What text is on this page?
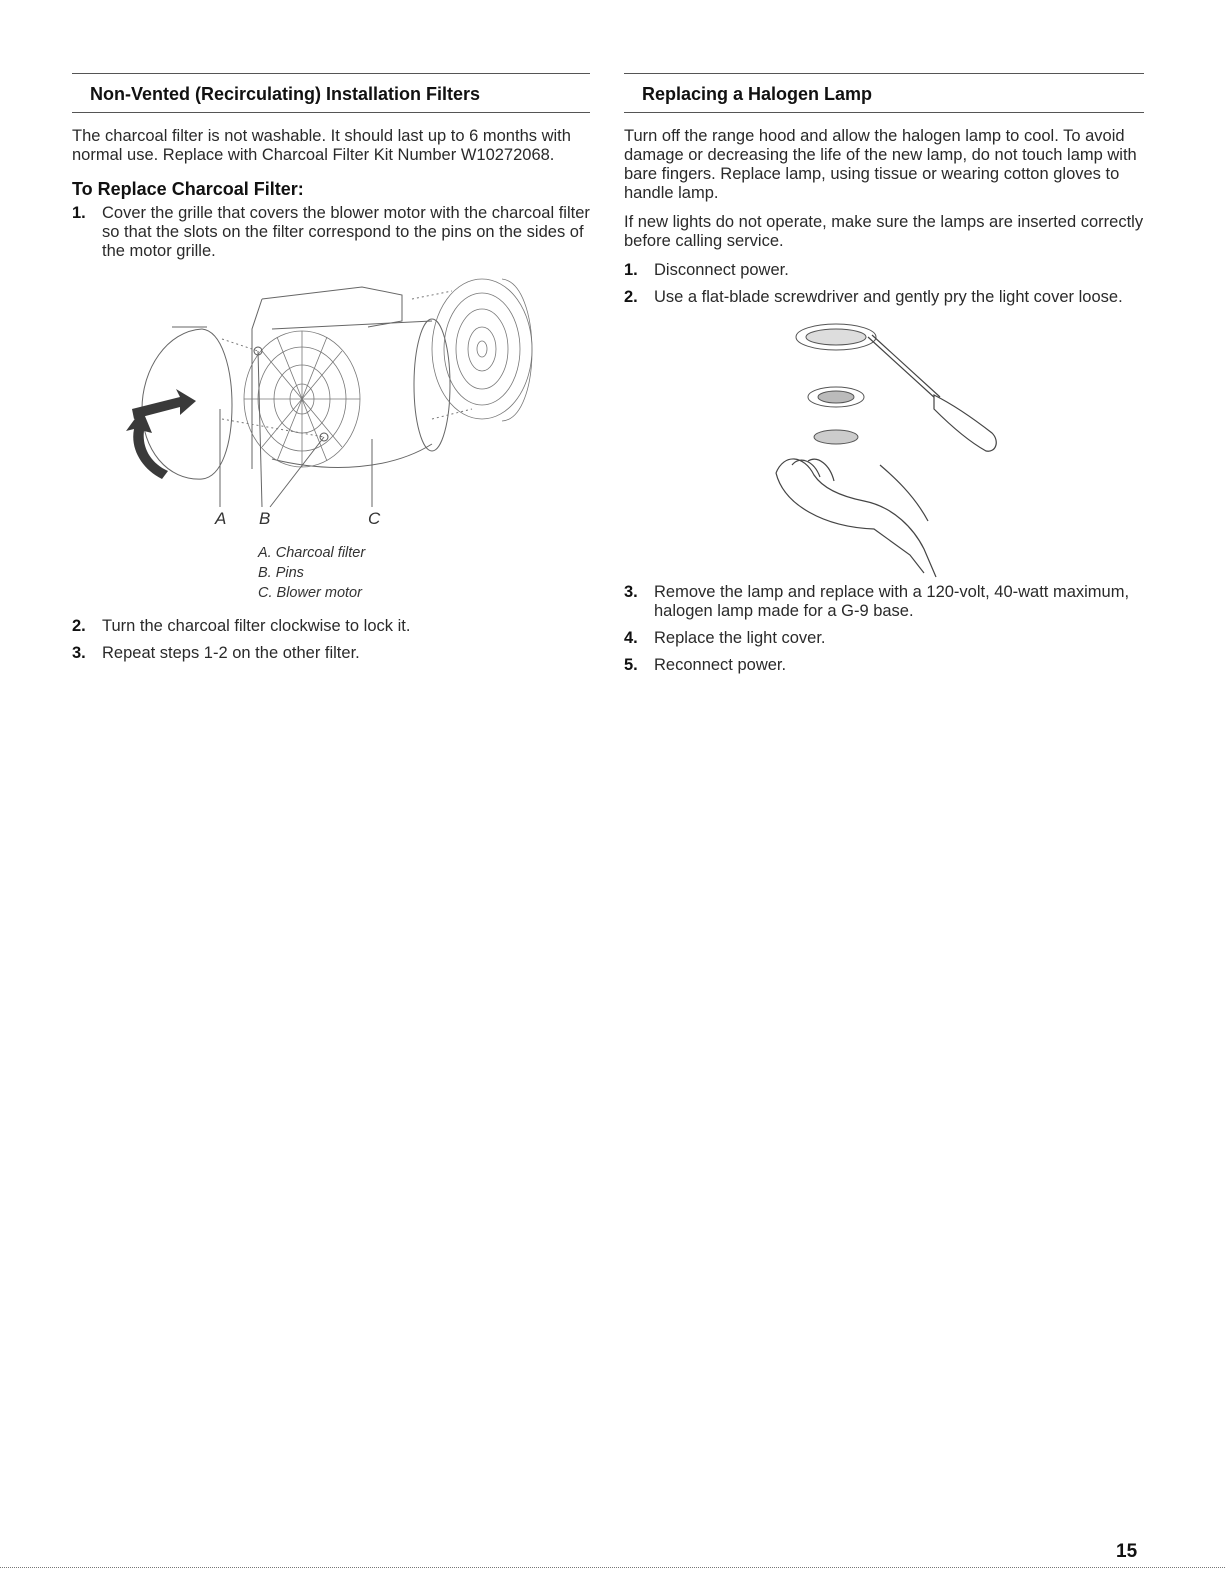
Non-Vented (Recirculating) Installation Filters

The charcoal filter is not washable. It should last up to 6 months with normal use. Replace with Charcoal Filter Kit Number W10272068.

To Replace Charcoal Filter:
1. Cover the grille that covers the blower motor with the charcoal filter so that the slots on the filter correspond to the pins on the sides of the motor grille.
A B	C
A. Charcoal filter
B. Pins
C. Blower motor
2. Turn the charcoal filter clockwise to lock it.
3. Repeat steps 1-2 on the other filter.
Replacing a Halogen Lamp

Turn off the range hood and allow the halogen lamp to cool. To avoid damage or decreasing the life of the new lamp, do not touch lamp with bare fingers. Replace lamp, using tissue or wearing cotton gloves to handle lamp.

If new lights do not operate, make sure the lamps are inserted correctly before calling service.

1. Disconnect power.
2. Use a flat-blade screwdriver and gently pry the light cover loose.
3. Remove the lamp and replace with a 120-volt, 40-watt maximum, halogen lamp made for a G-9 base.
4. Replace the light cover.
5. Reconnect power.
15
